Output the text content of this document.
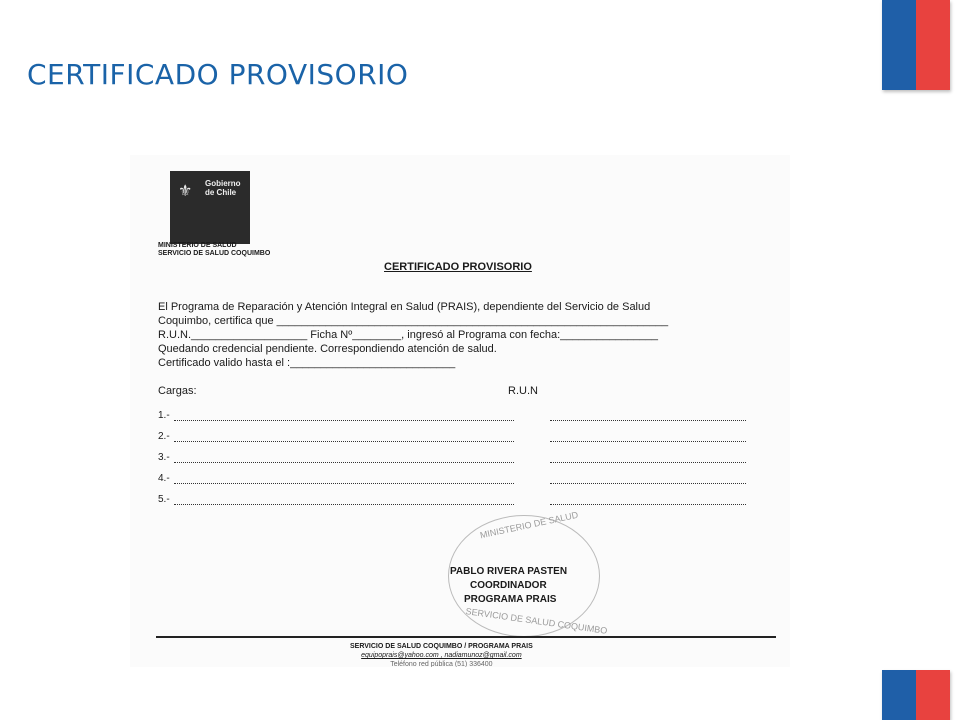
CERTIFICADO PROVISORIO
⚜ Gobierno
de Chile
MINISTERIO DE SALUD
SERVICIO DE SALUD COQUIMBO
CERTIFICADO PROVISORIO
El Programa de Reparación y Atención Integral en Salud (PRAIS), dependiente del Servicio de Salud
Coquimbo, certifica que ________________________________________________________________
R.U.N.___________________ Ficha Nº________, ingresó al Programa con fecha:________________
Quedando credencial pendiente. Correspondiendo atención de salud.
Certificado valido hasta el :___________________________
Cargas:	R.U.N
1.-
2.-
3.-
4.-
5.-
MINISTERIO DE SALUD
SERVICIO DE SALUD COQUIMBO
PABLO RIVERA PASTEN
COORDINADOR
PROGRAMA PRAIS
SERVICIO DE SALUD COQUIMBO / PROGRAMA PRAIS
equipoprais@yahoo.com , nadiamunoz@gmail.com
Teléfono red pública (51) 336400
